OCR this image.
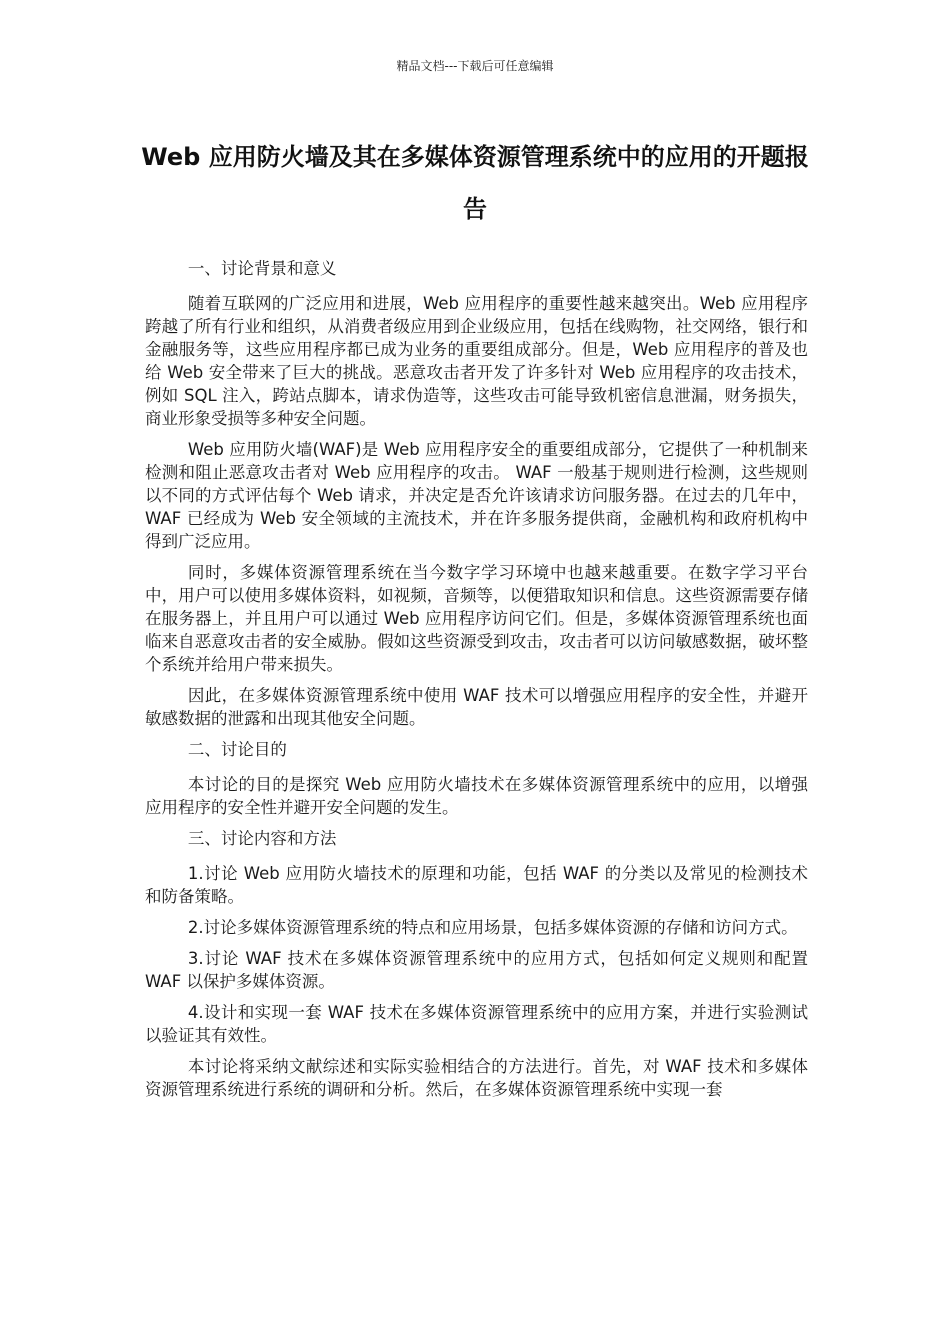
精品文档---下载后可任意编辑
Web 应用防火墙及其在多媒体资源管理系统中的应用的开题报告

一、讨论背景和意义

随着互联网的广泛应用和进展，Web 应用程序的重要性越来越突出。Web 应用程序跨越了所有行业和组织，从消费者级应用到企业级应用，包括在线购物，社交网络，银行和金融服务等，这些应用程序都已成为业务的重要组成部分。但是，Web 应用程序的普及也给 Web 安全带来了巨大的挑战。恶意攻击者开发了许多针对 Web 应用程序的攻击技术，例如 SQL 注入，跨站点脚本，请求伪造等，这些攻击可能导致机密信息泄漏，财务损失，商业形象受损等多种安全问题。

Web 应用防火墙(WAF)是 Web 应用程序安全的重要组成部分，它提供了一种机制来检测和阻止恶意攻击者对 Web 应用程序的攻击。 WAF 一般基于规则进行检测，这些规则以不同的方式评估每个 Web 请求，并决定是否允许该请求访问服务器。在过去的几年中，WAF 已经成为 Web 安全领域的主流技术，并在许多服务提供商，金融机构和政府机构中得到广泛应用。

同时，多媒体资源管理系统在当今数字学习环境中也越来越重要。在数字学习平台中，用户可以使用多媒体资料，如视频，音频等，以便猎取知识和信息。这些资源需要存储在服务器上，并且用户可以通过 Web 应用程序访问它们。但是，多媒体资源管理系统也面临来自恶意攻击者的安全威胁。假如这些资源受到攻击，攻击者可以访问敏感数据，破坏整个系统并给用户带来损失。

因此，在多媒体资源管理系统中使用 WAF 技术可以增强应用程序的安全性，并避开敏感数据的泄露和出现其他安全问题。

二、讨论目的

本讨论的目的是探究 Web 应用防火墙技术在多媒体资源管理系统中的应用，以增强应用程序的安全性并避开安全问题的发生。

三、讨论内容和方法

1.讨论 Web 应用防火墙技术的原理和功能，包括 WAF 的分类以及常见的检测技术和防备策略。

2.讨论多媒体资源管理系统的特点和应用场景，包括多媒体资源的存储和访问方式。

3.讨论 WAF 技术在多媒体资源管理系统中的应用方式，包括如何定义规则和配置 WAF 以保护多媒体资源。

4.设计和实现一套 WAF 技术在多媒体资源管理系统中的应用方案，并进行实验测试以验证其有效性。

本讨论将采纳文献综述和实际实验相结合的方法进行。首先，对 WAF 技术和多媒体资源管理系统进行系统的调研和分析。然后，在多媒体资源管理系统中实现一套
